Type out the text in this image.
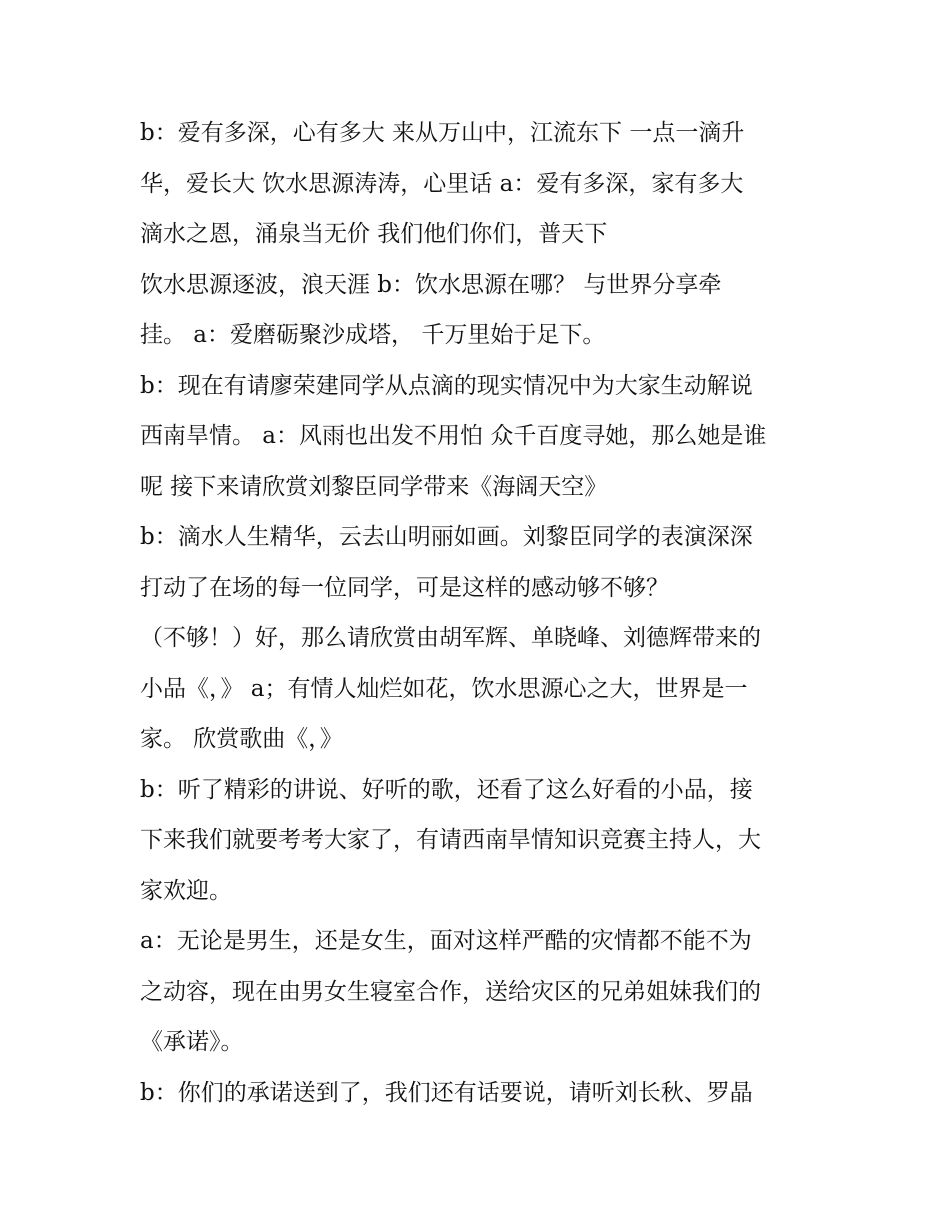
b：爱有多深，心有多大 来从万山中，江流东下 一点一滴升
华，爱长大 饮水思源涛涛，心里话 a：爱有多深，家有多大
滴水之恩，涌泉当无价 我们他们你们，普天下
饮水思源逐波，浪天涯 b：饮水思源在哪？ 与世界分享牵
挂。 a：爱磨砺聚沙成塔， 千万里始于足下。
b：现在有请廖荣建同学从点滴的现实情况中为大家生动解说
西南旱情。 a：风雨也出发不用怕 众千百度寻她，那么她是谁
呢 接下来请欣赏刘黎臣同学带来《海阔天空》
b：滴水人生精华，云去山明丽如画。刘黎臣同学的表演深深
打动了在场的每一位同学，可是这样的感动够不够？
（不够！）好，那么请欣赏由胡军辉、单晓峰、刘德辉带来的
小品《，》 a；有情人灿烂如花，饮水思源心之大，世界是一
家。 欣赏歌曲《，》
b：听了精彩的讲说、好听的歌，还看了这么好看的小品，接
下来我们就要考考大家了，有请西南旱情知识竞赛主持人，大
家欢迎。
a：无论是男生，还是女生，面对这样严酷的灾情都不能不为
之动容，现在由男女生寝室合作，送给灾区的兄弟姐妹我们的
《承诺》。
b：你们的承诺送到了，我们还有话要说，请听刘长秋、罗晶
